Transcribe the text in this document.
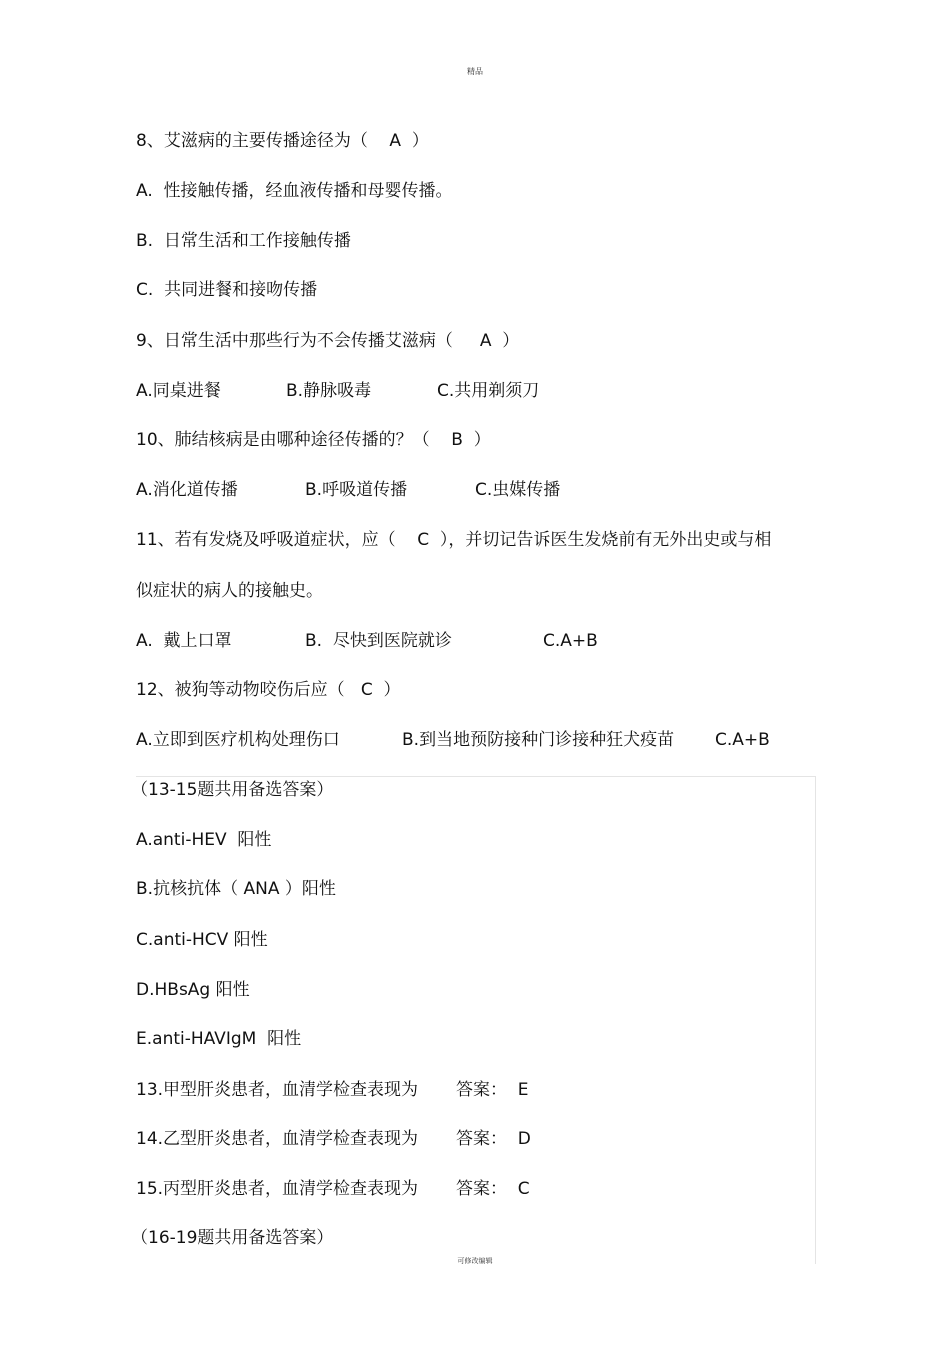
精品
8、艾滋病的主要传播途径为（    A  ）
A.  性接触传播，经血液传播和母婴传播。
B.  日常生活和工作接触传播
C.  共同进餐和接吻传播
9、日常生活中那些行为不会传播艾滋病（     A  ）
A.同桌进餐	B.静脉吸毒	C.共用剃须刀
10、肺结核病是由哪种途径传播的？（    B  ）
A.消化道传播	B.呼吸道传播	C.虫媒传播
11、若有发烧及呼吸道症状，应（    C  ），并切记告诉医生发烧前有无外出史或与相
似症状的病人的接触史。
A.  戴上口罩	B.  尽快到医院就诊	C.A+B
12、被狗等动物咬伤后应（   C  ）
A.立即到医疗机构处理伤口	B.到当地预防接种门诊接种狂犬疫苗 C.A+B
（13-15题共用备选答案）
A.anti-HEV  阳性
B.抗核抗体（ ANA ）阳性
C.anti-HCV 阳性
D.HBsAg 阳性
E.anti-HAVIgM  阳性
13.甲型肝炎患者，血清学检查表现为 答案：  E
14.乙型肝炎患者，血清学检查表现为 答案：  D
15.丙型肝炎患者，血清学检查表现为 答案：  C
（16-19题共用备选答案）
可修改编辑
